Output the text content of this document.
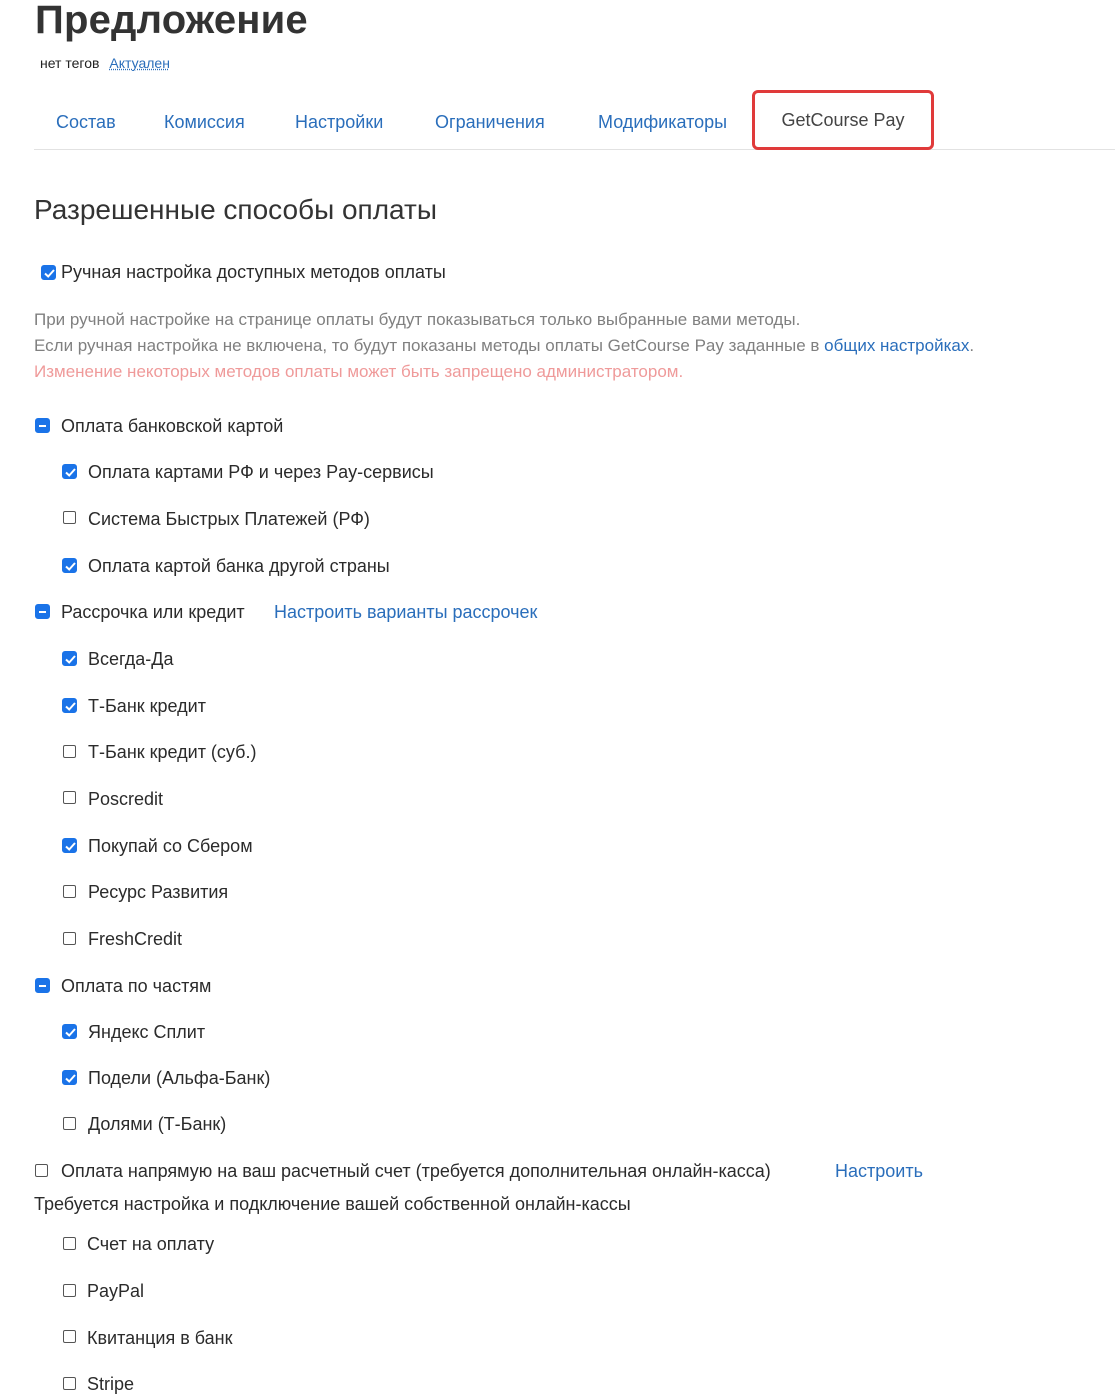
Предложение
нет тегов Актуален
Состав	Комиссия	Настройки	Ограничения	Модификаторы	GetCourse Pay
Разрешенные способы оплаты
Ручная настройка доступных методов оплаты
При ручной настройке на странице оплаты будут показываться только выбранные вами методы.
Если ручная настройка не включена, то будут показаны методы оплаты GetCourse Pay заданные в общих настройках.
Изменение некоторых методов оплаты может быть запрещено администратором.
Оплата банковской картой
Оплата картами РФ и через Pay-сервисы
Система Быстрых Платежей (РФ)
Оплата картой банка другой страны
Рассрочка или кредит Настроить варианты рассрочек
Всегда-Да
Т-Банк кредит
Т-Банк кредит (суб.)
Poscredit
Покупай со Сбером
Ресурс Развития
FreshCredit
Оплата по частям
Яндекс Сплит
Подели (Альфа-Банк)
Долями (Т-Банк)
Оплата напрямую на ваш расчетный счет (требуется дополнительная онлайн-касса)	Настроить
Требуется настройка и подключение вашей собственной онлайн-кассы
Счет на оплату
PayPal
Квитанция в банк
Stripe
